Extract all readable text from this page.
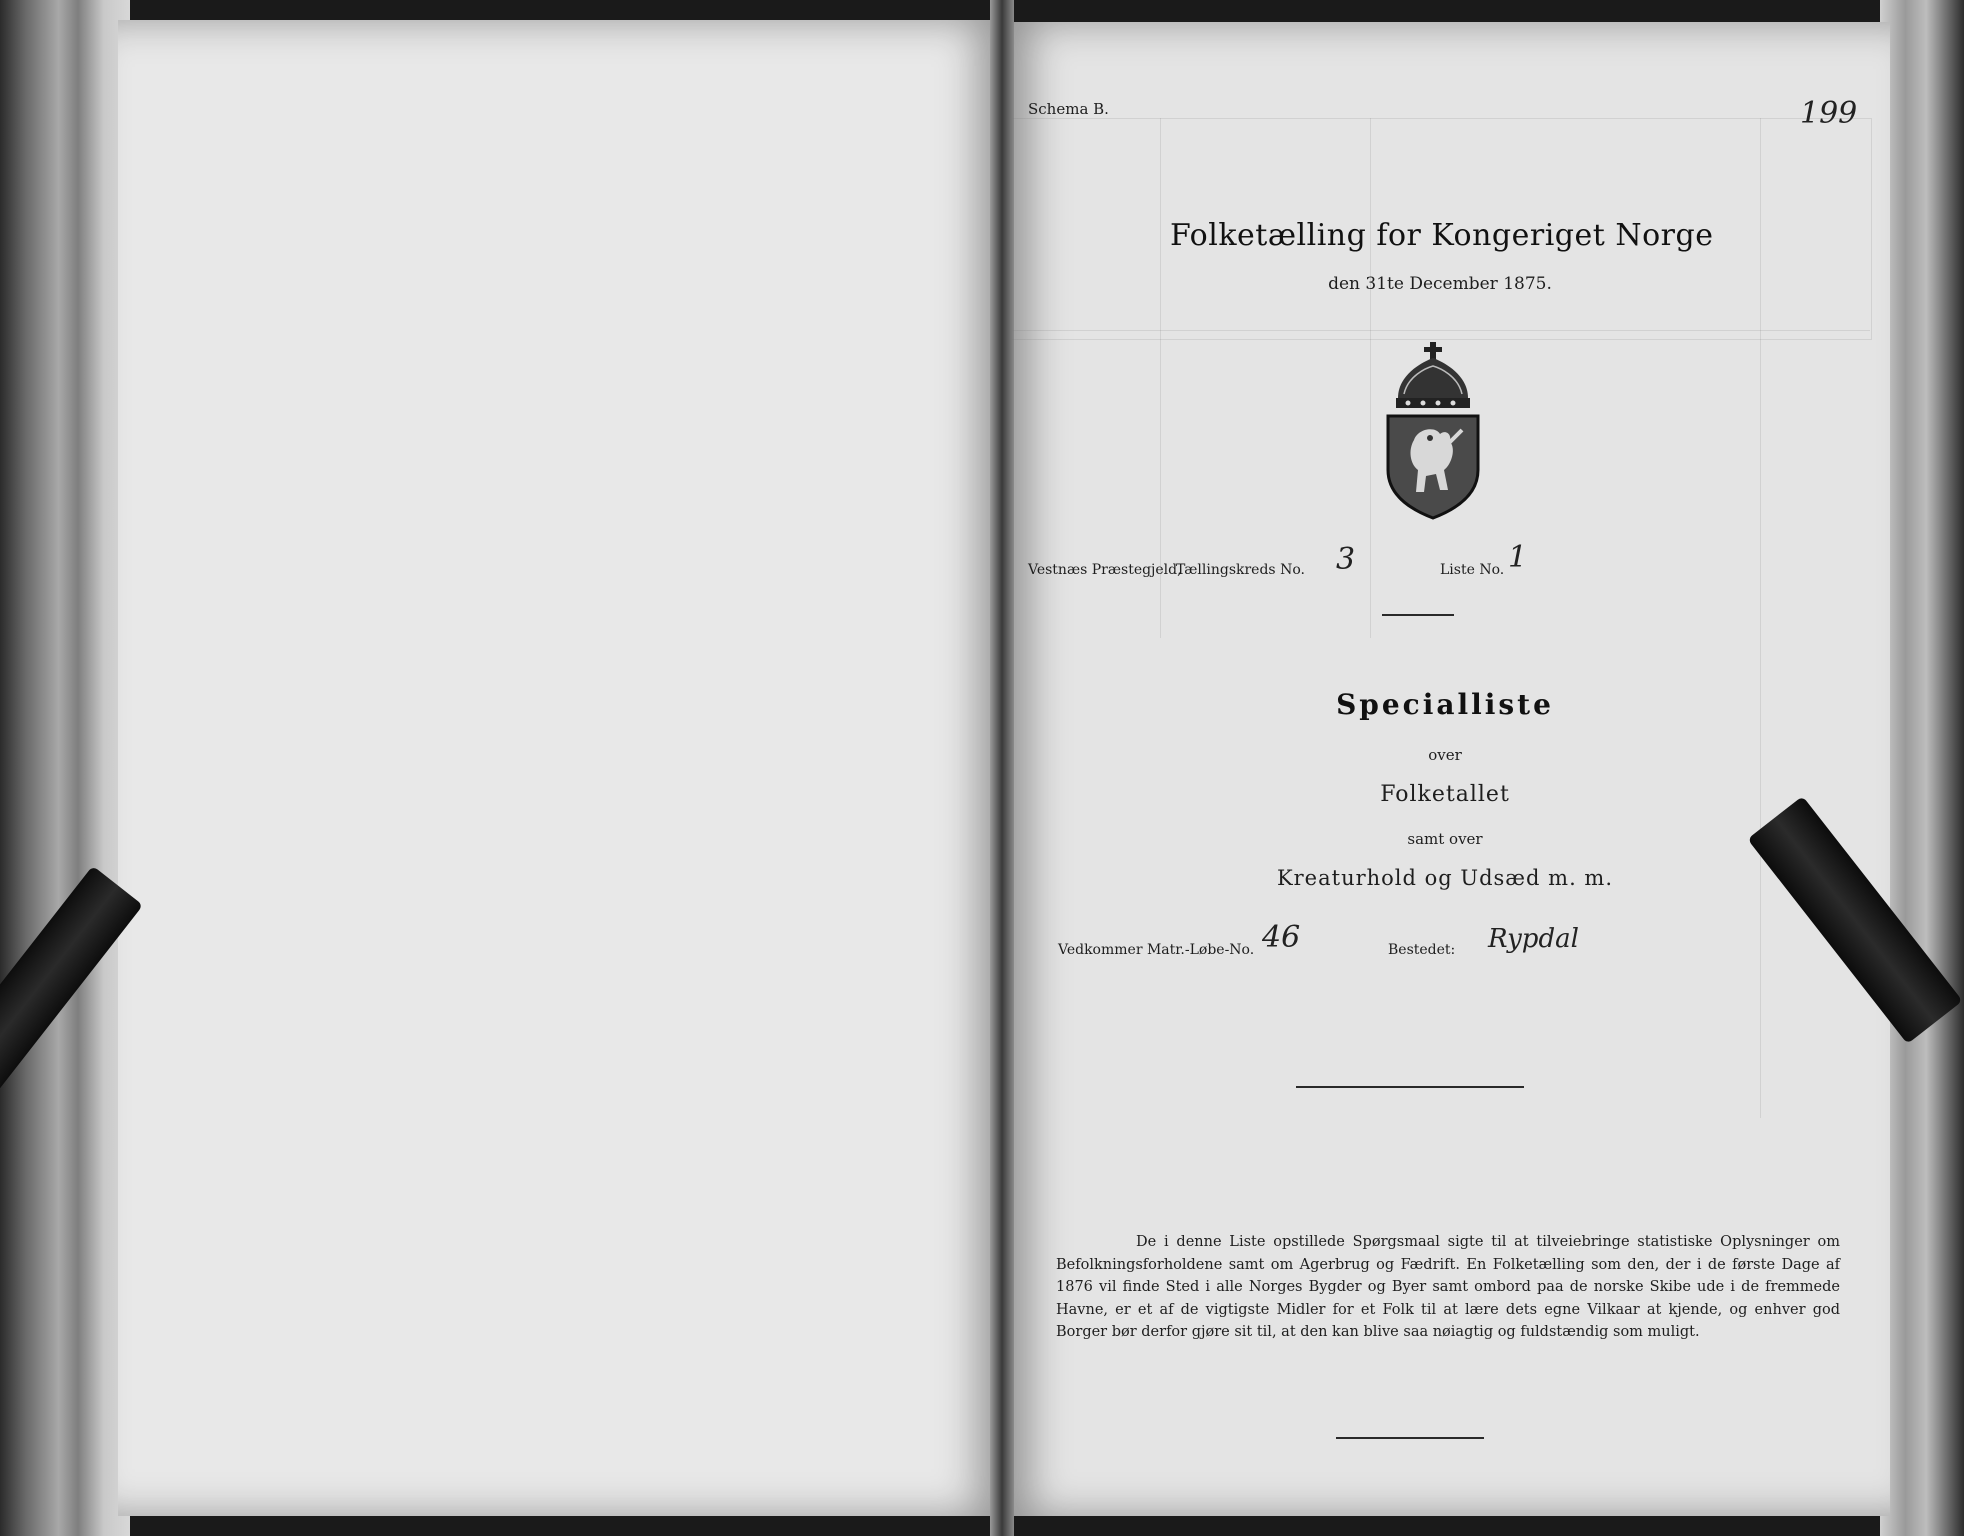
Schema B.	199
Folketælling for Kongeriget Norge
den 31te December 1875.
Vestnæs Præstegjeld,
Tællingskreds No. 3	Liste No. 1
Specialliste
over
Folketallet
samt over
Kreaturhold og Udsæd m. m.
Vedkommer Matr.-Løbe-No. 46	Bestedet: Rypdal
De i denne Liste opstillede Spørgsmaal sigte til at tilveiebringe statistiske Oplysninger om Befolkningsforholdene samt om Agerbrug og Fædrift. En Folketælling som den, der i de første Dage af 1876 vil finde Sted i alle Norges Bygder og Byer samt ombord paa de norske Skibe ude i de fremmede Havne, er et af de vigtigste Midler for et Folk til at lære dets egne Vilkaar at kjende, og enhver god Borger bør derfor gjøre sit til, at den kan blive saa nøiagtig og fuldstændig som muligt.
